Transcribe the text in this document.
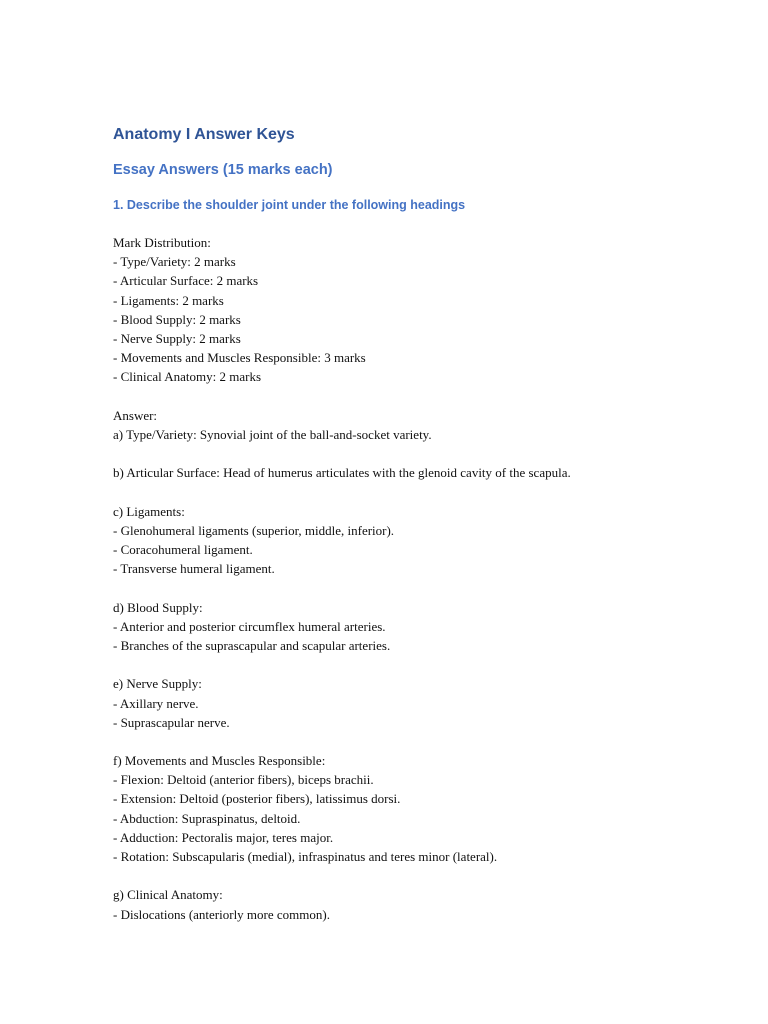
Anatomy I Answer Keys
Essay Answers (15 marks each)
1. Describe the shoulder joint under the following headings
Mark Distribution:
- Type/Variety: 2 marks
- Articular Surface: 2 marks
- Ligaments: 2 marks
- Blood Supply: 2 marks
- Nerve Supply: 2 marks
- Movements and Muscles Responsible: 3 marks
- Clinical Anatomy: 2 marks
Answer:
a) Type/Variety: Synovial joint of the ball-and-socket variety.
b) Articular Surface: Head of humerus articulates with the glenoid cavity of the scapula.
c) Ligaments:
- Glenohumeral ligaments (superior, middle, inferior).
- Coracohumeral ligament.
- Transverse humeral ligament.
d) Blood Supply:
- Anterior and posterior circumflex humeral arteries.
- Branches of the suprascapular and scapular arteries.
e) Nerve Supply:
- Axillary nerve.
- Suprascapular nerve.
f) Movements and Muscles Responsible:
- Flexion: Deltoid (anterior fibers), biceps brachii.
- Extension: Deltoid (posterior fibers), latissimus dorsi.
- Abduction: Supraspinatus, deltoid.
- Adduction: Pectoralis major, teres major.
- Rotation: Subscapularis (medial), infraspinatus and teres minor (lateral).
g) Clinical Anatomy:
- Dislocations (anteriorly more common).
